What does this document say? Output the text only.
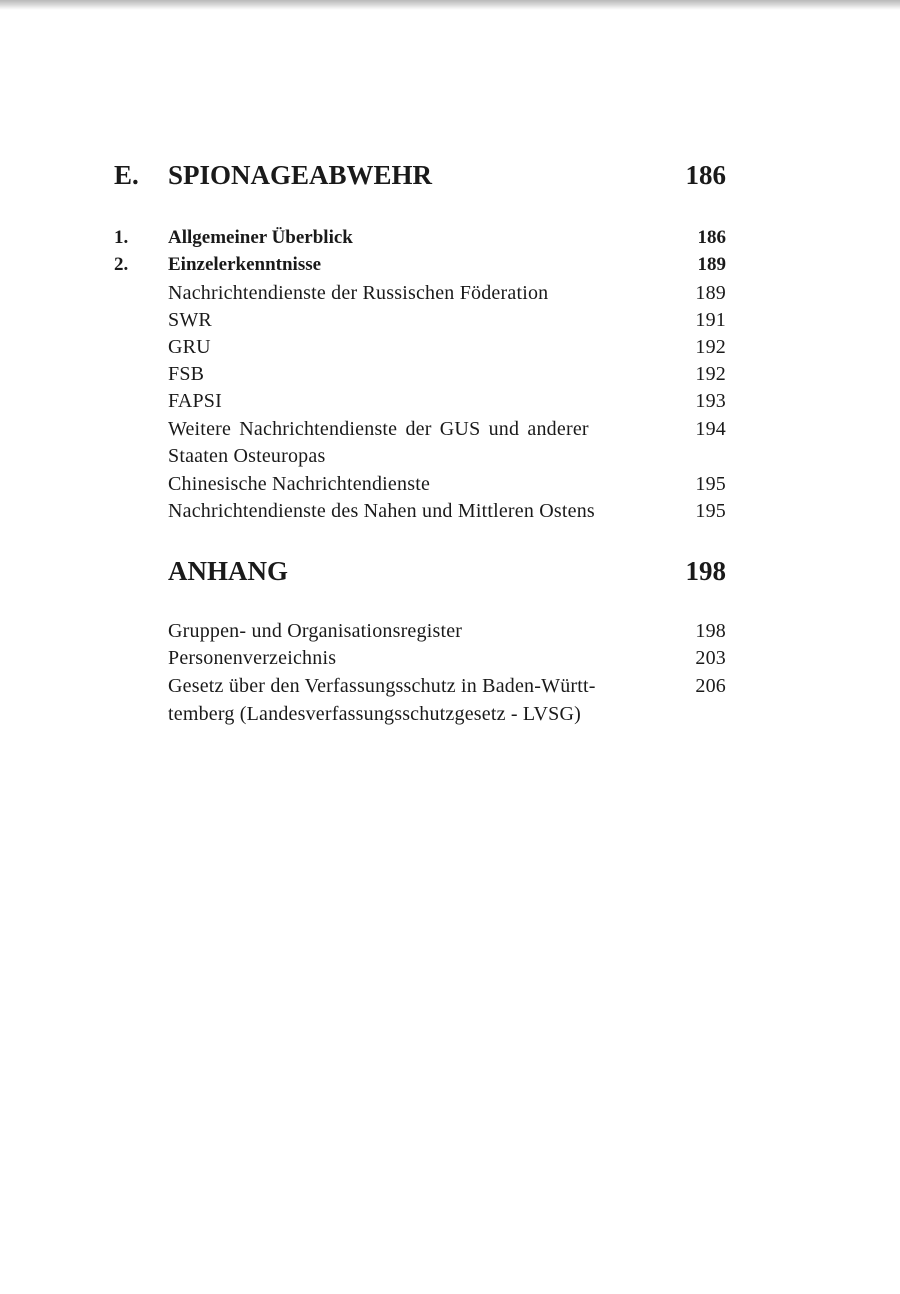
E. SPIONAGEABWEHR	186
1. Allgemeiner Überblick	186
2. Einzelerkenntnisse	189
Nachrichtendienste der Russischen Föderation	189
SWR	191
GRU	192
FSB	192
FAPSI	193
Weitere Nachrichtendienste der GUS und anderer	194
Staaten Osteuropas
Chinesische Nachrichtendienste	195
Nachrichtendienste des Nahen und Mittleren Ostens	195
ANHANG	198
Gruppen- und Organisationsregister	198
Personenverzeichnis	203
Gesetz über den Verfassungsschutz in Baden-Württ-	206
temberg (Landesverfassungsschutzgesetz - LVSG)
